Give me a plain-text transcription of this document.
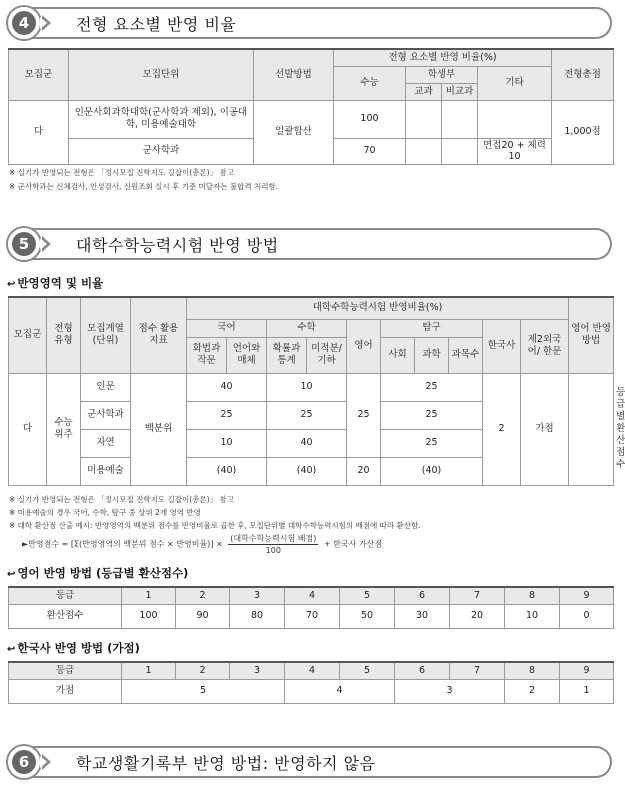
4	전형 요소별 반영 비율
모집군	모집단위	선발방법	전형 요소별 반영 비율(%)				전형총점
			수능	학생부		기타	
				교과	비교과		
다	인문사회과학대학(군사학과 제외), 이공대학, 미용예술대학	일괄합산	100				1,000점
	군사학과		70			면접20 + 체력10	
※ 실기가 반영되는 전형은 「정시모집 진학지도 길잡이(총론)」 참고
※ 군사학과는 신체검사, 인성검사, 신원조회 실시 후 기준 미달자는 불합격 처리함.
5	대학수학능력시험 반영 방법
↩ 반영영역 및 비율
모집군	전형 유형	모집계열 (단위)	점수 활용 지표	대학수학능력시험 반영비율(%)										영어 반영 방법	
				국어		수학		영어	탐구			한국사	제2외국어/ 한문		
				화법과 작문	언어와 매체	확률과통계	미적분/ 기하		사회	과학	과목수				
다	수능 위주	인문	백분위	40		10		25	25			2	가점		등급별 환산점수
		군사학과		25		25			25						
		자연		10		40			25						
		미용예술		(40)		(40)		20	(40)						
※ 실기가 반영되는 전형은 「정시모집 진학지도 길잡이(총론)」 참고
※ 미용예술의 경우 국어, 수학, 탐구 중 상위 2개 영역 반영
※ 대학 환산점 산출 예시: 반영영역의 백분위 점수를 반영비율로 곱한 후, 모집단위별 대학수학능력시험의 배점에 따라 환산함.
►반영점수 = [Σ(반영영역의 백분위 점수 × 반영비율)] × $\frac{\text{(대학수학능력시험 배점)}}{100}$ + 한국사 가산점
↩ 영어 반영 방법 (등급별 환산점수)
등급	1	2	3	4	5	6	7	8	9
환산점수	100	90	80	70	50	30	20	10	0
↩ 한국사 반영 방법 (가점)
등급	1	2	3	4	5	6	7	8	9
가점	5			4		3		2	1
6	학교생활기록부 반영 방법: 반영하지 않음
